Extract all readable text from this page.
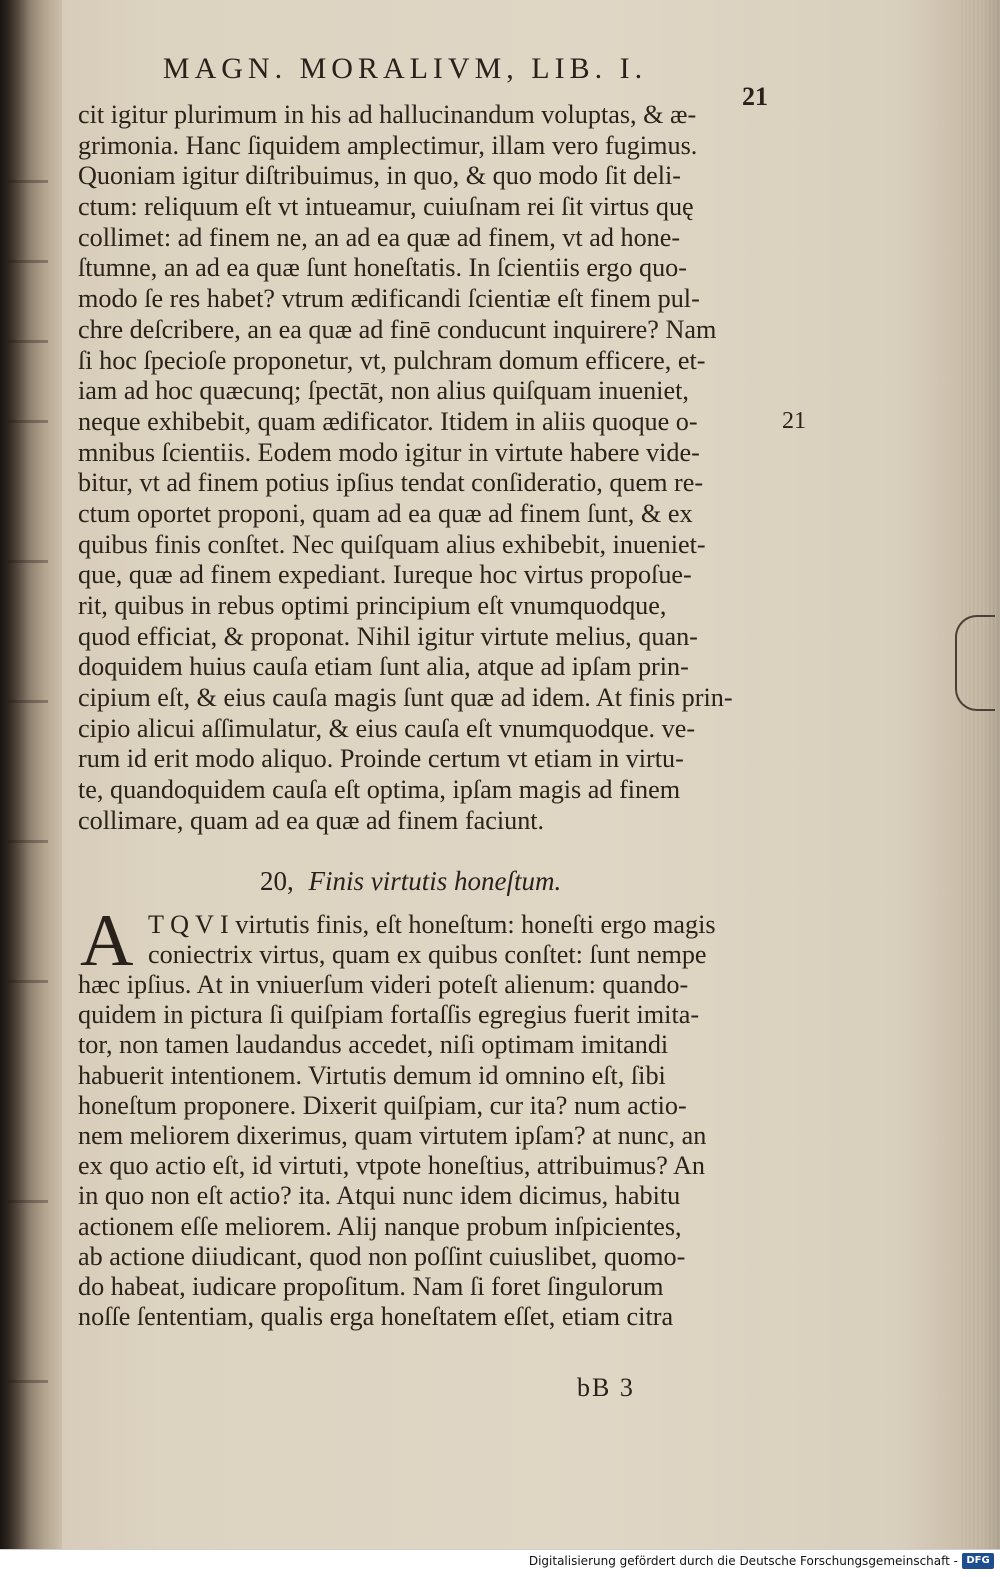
MAGN. MORALIVM, LIB. I.
21
cit igitur plurimum in his ad hallucinandum voluptas, & æ-
grimonia. Hanc ſiquidem amplectimur, illam vero fugimus.
Quoniam igitur diſtribuimus, in quo, & quo modo ſit deli-
ctum: reliquum eſt vt intueamur, cuiuſnam rei ſit virtus quę
collimet: ad finem ne, an ad ea quæ ad finem, vt ad hone-
ſtumne, an ad ea quæ ſunt honeſtatis. In ſcientiis ergo quo-
modo ſe res habet? vtrum ædificandi ſcientiæ eſt finem pul-
chre deſcribere, an ea quæ ad finē conducunt inquirere? Nam
ſi hoc ſpecioſe proponetur, vt, pulchram domum efficere, et-
iam ad hoc quæcunq; ſpectāt, non alius quiſquam inueniet,
neque exhibebit, quam ædificator. Itidem in aliis quoque o-
mnibus ſcientiis. Eodem modo igitur in virtute habere vide-
bitur, vt ad finem potius ipſius tendat conſideratio, quem re-
ctum oportet proponi, quam ad ea quæ ad finem ſunt, & ex
quibus finis conſtet. Nec quiſquam alius exhibebit, inueniet-
que, quæ ad finem expediant. Iureque hoc virtus propoſue-
rit, quibus in rebus optimi principium eſt vnumquodque,
quod efficiat, & proponat. Nihil igitur virtute melius, quan-
doquidem huius cauſa etiam ſunt alia, atque ad ipſam prin-
cipium eſt, & eius cauſa magis ſunt quæ ad idem. At finis prin-
cipio alicui aſſimulatur, & eius cauſa eſt vnumquodque. ve-
rum id erit modo aliquo. Proinde certum vt etiam in virtu-
te, quandoquidem cauſa eſt optima, ipſam magis ad finem
collimare, quam ad ea quæ ad finem faciunt.
21
20, Finis virtutis honeſtum.
A T Q V I virtutis finis, eſt honeſtum: honeſti ergo magis
coniectrix virtus, quam ex quibus conſtet: ſunt nempe
hæc ipſius. At in vniuerſum videri poteſt alienum: quando-
quidem in pictura ſi quiſpiam fortaſſis egregius fuerit imita-
tor, non tamen laudandus accedet, niſi optimam imitandi
habuerit intentionem. Virtutis demum id omnino eſt, ſibi
honeſtum proponere. Dixerit quiſpiam, cur ita? num actio-
nem meliorem dixerimus, quam virtutem ipſam? at nunc, an
ex quo actio eſt, id virtuti, vtpote honeſtius, attribuimus? An
in quo non eſt actio? ita. Atqui nunc idem dicimus, habitu
actionem eſſe meliorem. Alij nanque probum inſpicientes,
ab actione diiudicant, quod non poſſint cuiuslibet, quomo-
do habeat, iudicare propoſitum. Nam ſi foret ſingulorum
noſſe ſententiam, qualis erga honeſtatem eſſet, etiam citra
bB 3
Digitalisierung gefördert durch die Deutsche Forschungsgemeinschaft - DFG
